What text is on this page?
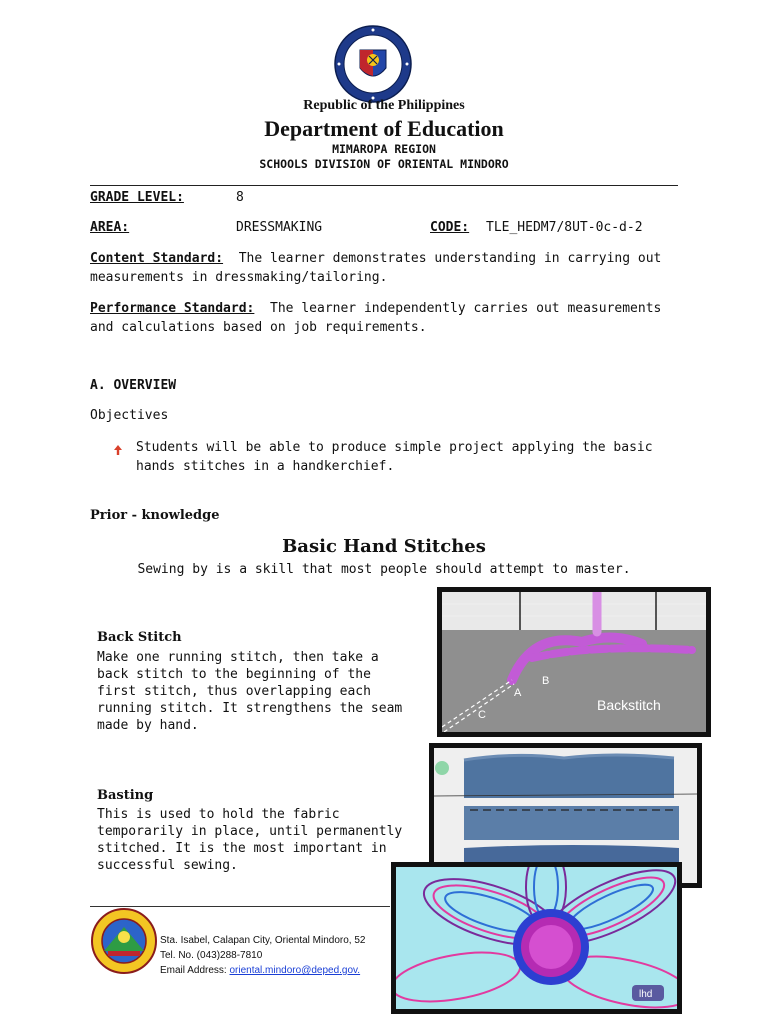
Republic of the Philippines
Department of Education
MIMAROPA REGION
SCHOOLS DIVISION OF ORIENTAL MINDORO
GRADE LEVEL:	8
AREA:	DRESSMAKING	CODE: TLE_HEDM7/8UT-0c-d-2
Content Standard: The learner demonstrates understanding in carrying out measurements in dressmaking/tailoring.
Performance Standard: The learner independently carries out measurements and calculations based on job requirements.
A. OVERVIEW
Objectives
Students will be able to produce simple project applying the basic hands stitches in a handkerchief.
Prior - knowledge
Basic Hand Stitches
Sewing by is a skill that most people should attempt to master.
Back Stitch
Make one running stitch, then take a back stitch to the beginning of the first stitch, thus overlapping each running stitch. It strengthens the seam made by hand.
Basting
This is used to hold the fabric temporarily in place, until permanently stitched. It is the most important in successful sewing.
A
B
C
Backstitch
lhd
Sta. Isabel, Calapan City, Oriental Mindoro, 52
Tel. No. (043)288-7810
Email Address: oriental.mindoro@deped.gov.
